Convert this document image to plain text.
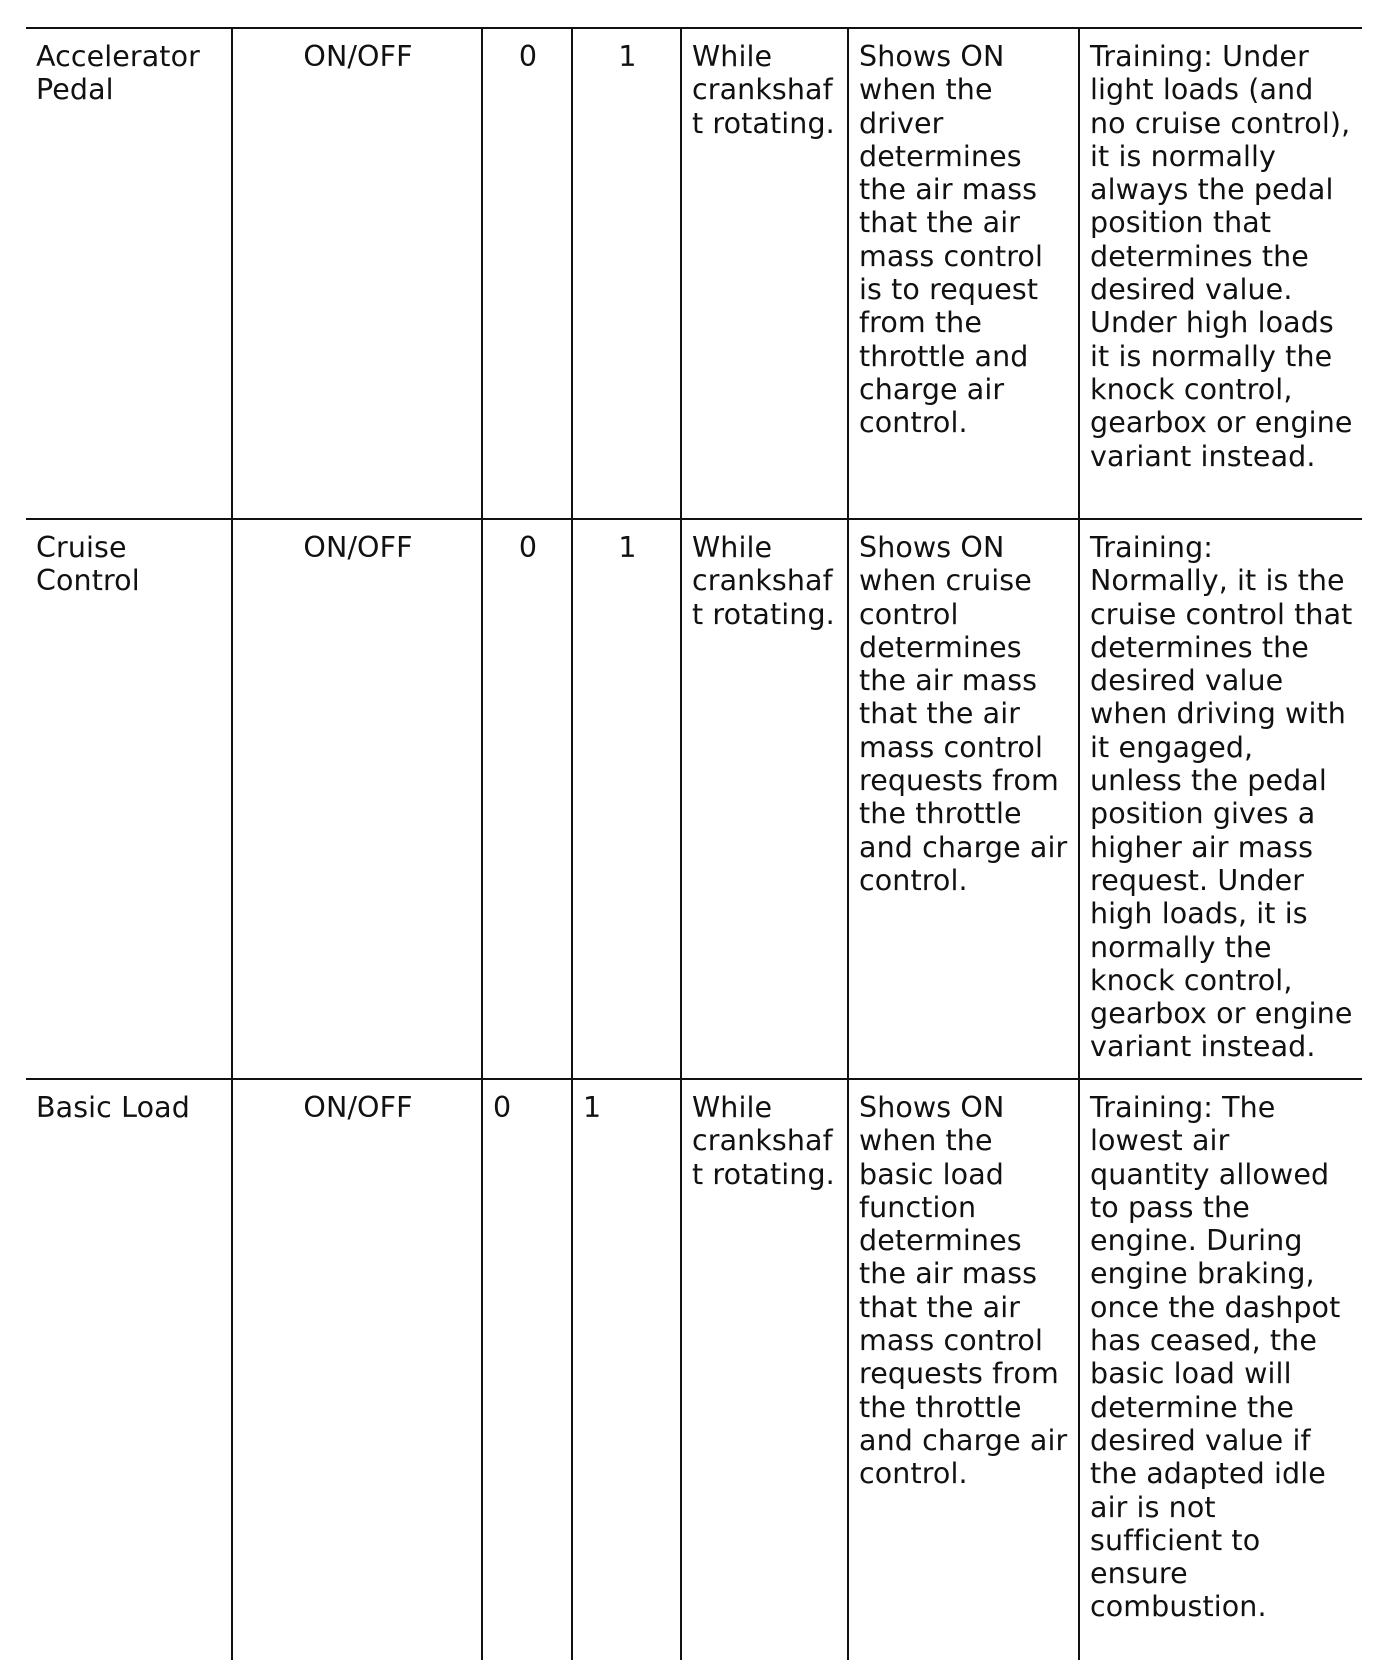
Accelerator Pedal	ON/OFF	0	1	While crankshaft rotating.	Shows ON when the driver determines the air mass that the air mass control is to request from the throttle and charge air control.	Training: Under light loads (and no cruise control), it is normally always the pedal position that determines the desired value. Under high loads it is normally the knock control, gearbox or engine variant instead.
Cruise Control	ON/OFF	0	1	While crankshaft rotating.	Shows ON when cruise control determines the air mass that the air mass control requests from the throttle and charge air control.	Training: Normally, it is the cruise control that determines the desired value when driving with it engaged, unless the pedal position gives a higher air mass request. Under high loads, it is normally the knock control, gearbox or engine variant instead.
Basic Load	ON/OFF	0	1	While crankshaft rotating.	Shows ON when the basic load function determines the air mass that the air mass control requests from the throttle and charge air control.	Training: The lowest air quantity allowed to pass the engine. During engine braking, once the dashpot has ceased, the basic load will determine the desired value if the adapted idle air is not sufficient to ensure combustion.
